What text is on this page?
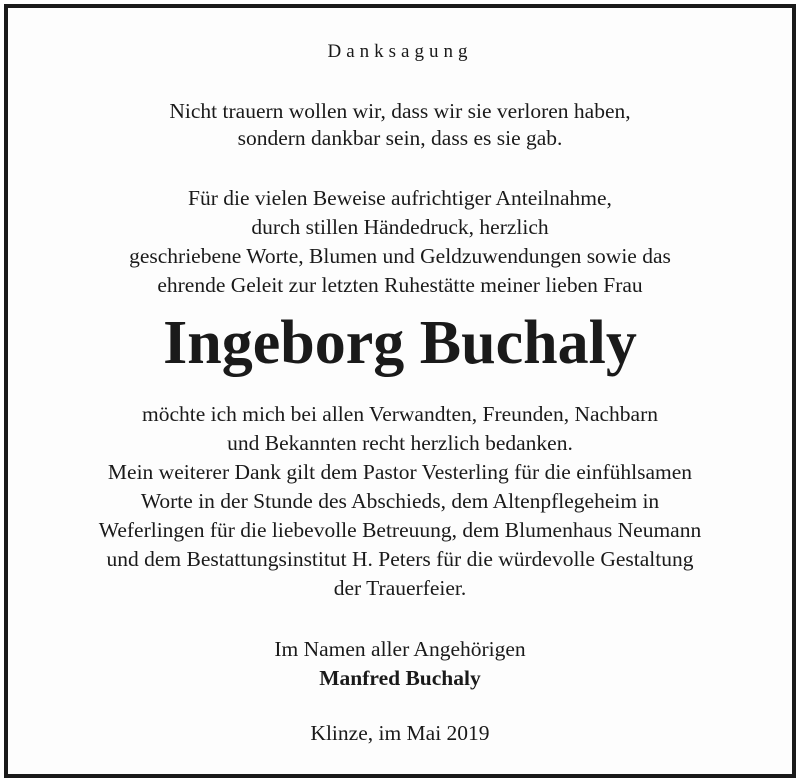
Danksagung
Nicht trauern wollen wir, dass wir sie verloren haben,
sondern dankbar sein, dass es sie gab.
Für die vielen Beweise aufrichtiger Anteilnahme,
durch stillen Händedruck, herzlich
geschriebene Worte, Blumen und Geldzuwendungen sowie das
ehrende Geleit zur letzten Ruhestätte meiner lieben Frau
Ingeborg Buchaly
möchte ich mich bei allen Verwandten, Freunden, Nachbarn
und Bekannten recht herzlich bedanken.
Mein weiterer Dank gilt dem Pastor Vesterling für die einfühlsamen
Worte in der Stunde des Abschieds, dem Altenpflegeheim in
Weferlingen für die liebevolle Betreuung, dem Blumenhaus Neumann
und dem Bestattungsinstitut H. Peters für die würdevolle Gestaltung
der Trauerfeier.
Im Namen aller Angehörigen
Manfred Buchaly
Klinze, im Mai 2019
